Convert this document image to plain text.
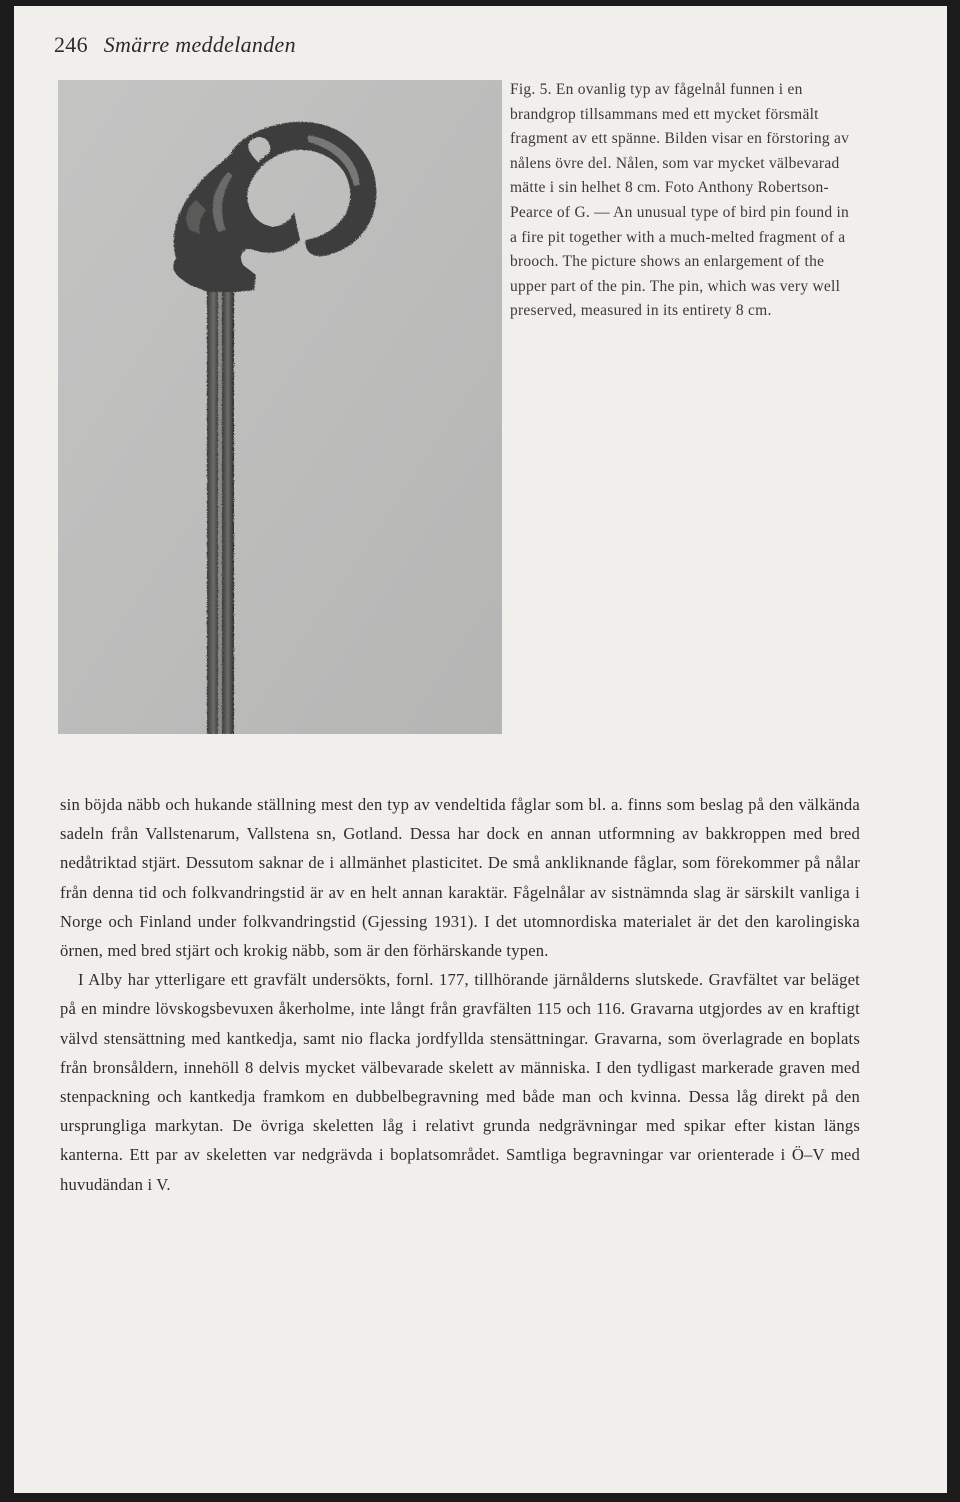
246 Smärre meddelanden

Fig. 5. En ovanlig typ av fågelnål funnen i en brandgrop tillsammans med ett mycket försmält fragment av ett spänne. Bilden visar en förstoring av nålens övre del. Nålen, som var mycket välbevarad mätte i sin helhet 8 cm. Foto Anthony Robertson-Pearce of G. — An unusual type of bird pin found in a fire pit together with a much-melted fragment of a brooch. The picture shows an enlargement of the upper part of the pin. The pin, which was very well preserved, measured in its entirety 8 cm.

sin böjda näbb och hukande ställning mest den typ av vendeltida fåglar som bl. a. finns som beslag på den välkända sadeln från Vallstenarum, Vallstena sn, Gotland. Dessa har dock en annan utformning av bakkroppen med bred nedåtriktad stjärt. Dessutom saknar de i allmänhet plasticitet. De små ankliknande fåglar, som förekommer på nålar från denna tid och folkvandringstid är av en helt annan karaktär. Fågelnålar av sistnämnda slag är särskilt vanliga i Norge och Finland under folkvandringstid (Gjessing 1931). I det utomnordiska materialet är det den karolingiska örnen, med bred stjärt och krokig näbb, som är den förhärskande typen.

I Alby har ytterligare ett gravfält undersökts, fornl. 177, tillhörande järnålderns slutskede. Gravfältet var beläget på en mindre lövskogsbevuxen åkerholme, inte långt från gravfälten 115 och 116. Gravarna utgjordes av en kraftigt välvd stensättning med kantkedja, samt nio flacka jordfyllda stensättningar. Gravarna, som överlagrade en boplats från bronsåldern, innehöll 8 delvis mycket välbevarade skelett av människa. I den tydligast markerade graven med stenpackning och kantkedja framkom en dubbelbegravning med både man och kvinna. Dessa låg direkt på den ursprungliga markytan. De övriga skeletten låg i relativt grunda nedgrävningar med spikar efter kistan längs kanterna. Ett par av skeletten var nedgrävda i boplatsområdet. Samtliga begravningar var orienterade i Ö–V med huvudändan i V.
